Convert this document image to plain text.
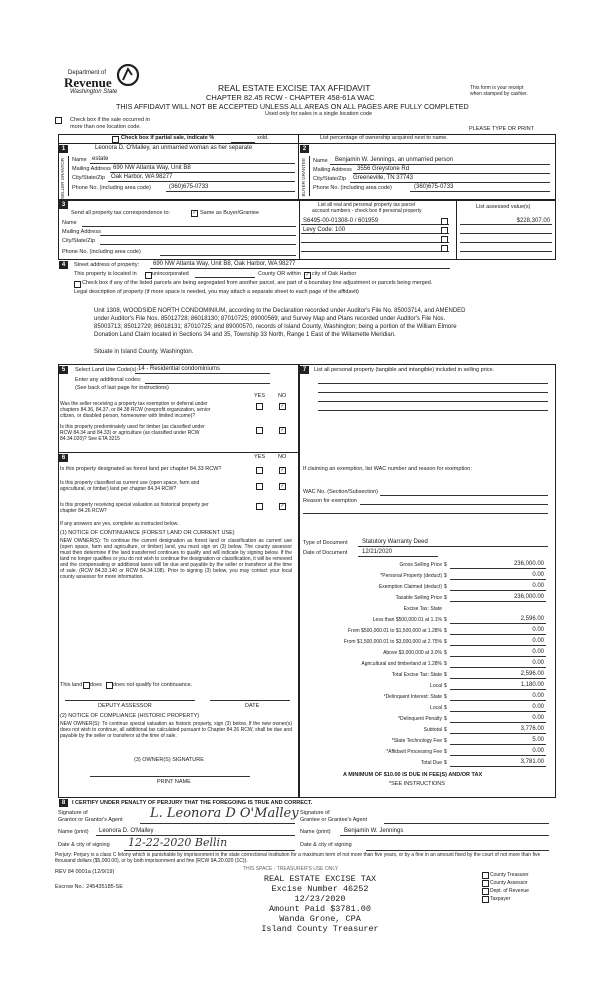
Department of
Revenue
Washington State	REAL ESTATE EXCISE TAX AFFIDAVIT
CHAPTER 82.45 RCW - CHAPTER 458-61A WAC
THIS AFFIDAVIT WILL NOT BE ACCEPTED UNLESS ALL AREAS ON ALL PAGES ARE FULLY COMPLETED
Used only for sales in a single location code
This form is your receipt
when stamped by cashier.
Check box if the sale occurred in
more than one location code.	PLEASE TYPE OR PRINT
Check box if partial sale, indicate %	sold.	List percentage of ownership acquired next to name.
1
SELLER GRANTOR
Leonora D. O'Malley, an unmarried woman as her separate
Name estate
Mailing Address 690 NW Atlanta Way, Unit B8
City/State/Zip Oak Harbor, WA 98277
Phone No. (including area code)	(360)675-0733
2
BUYER GRANTEE Name Benjamin W. Jennings, an unmarried person
Mailing Address 3556 Greystone Rd
City/State/Zip Greeneville, TN 37743
Phone No. (including area code)	(360)675-0733
3
Send all property tax correspondence to:	✓ Same as Buyer/Grantee
Name
Mailing Address
City/State/Zip
Phone No. (including area code)
List all real and personal property tax parcel
account numbers - check box if personal property
List assessed value(s)
S6495-00-01308-0 / 601959	$228,307.00
Levy Code: 100
4	Street address of property: 690 NW Atlanta Way, Unit B8, Oak Harbor, WA 98277
This property is located in	unincorporated	County OR within ✓ city of Oak Harbor
Check box if any of the listed parcels are being segregated from another parcel, are part of a boundary line adjustment or parcels being merged.
Legal description of property (if more space is needed, you may attach a separate sheet to each page of the affidavit)
Unit 1308, WOODSIDE NORTH CONDOMINIUM, according to the Declaration recorded under Auditor's File No. 85003714, and AMENDED
under Auditor's File Nos. 85012728; 86018130; 87010725; 89000569; and Survey Map and Plans recorded under Auditor's File Nos.
85003713; 85012729; 86018131; 87010725; and 89000570, records of Island County, Washington; being a portion of the William Elmore
Donation Land Claim located in Sections 34 and 35, Township 33 North, Range 1 East of the Willamette Meridian.
Situate in Island County, Washington.
5	Select Land Use Code(s): 14 - Residential condominiums
Enter any additional codes:
(See back of last page for instructions)
YES NO
Was the seller receiving a property tax exemption or deferral under
chapters 84.36, 84.37, or 84.38 RCW (nonprofit organization, senior
citizen, or disabled person, homeowner with limited income)?
✓
Is this property predominately used for timber (as classified under
RCW 84.34 and 84.33) or agriculture (as classified under RCW
84.34.020)? See ETA 3215
✓
6	YES NO
Is this property designated as forest land per chapter 84.33 RCW?	✓
Is this property classified as current use (open space, farm and
agricultural, or timber) land per chapter 84.34 RCW?	✓
Is this property receiving special valuation as historical property per
chapter 84.26 RCW?
✓
If any answers are yes, complete as instructed below.
(1) NOTICE OF CONTINUANCE (FOREST LAND OR CURRENT USE)
NEW OWNER(S): To continue the current designation as forest land or classification as current use (open space, farm and agriculture, or timber) land, you must sign on (3) below. The county assessor must then determine if the land transferred continues to qualify and will indicate by signing below. If the land no longer qualifies or you do not wish to continue the designation or classification, it will be removed and the compensating or additional taxes will be due and payable by the seller or transferor at the time of sale. (RCW 84.33.140 or RCW 84.34.108). Prior to signing (3) below, you may contact your local county assessor for more information.
This land does does not qualify for continuance.
DEPUTY ASSESSOR	DATE
(2) NOTICE OF COMPLIANCE (HISTORIC PROPERTY)
NEW OWNER(S): To continue special valuation as historic property, sign (3) below. If the new owner(s) does not wish to continue, all additional tax calculated pursuant to Chapter 84.26 RCW, shall be due and payable by the seller or transferor at the time of sale.
(3) OWNER(S) SIGNATURE
PRINT NAME
7	List all personal property (tangible and intangible) included in selling price.
If claiming an exemption, list WAC number and reason for exemption:
WAC No. (Section/Subsection)
Reason for exemption
Type of Document Statutory Warranty Deed
Date of Document 12/21/2020
Gross Selling Price $	236,000.00
*Personal Property (deduct) $	0.00
Exemption Claimed (deduct) $	0.00
Taxable Selling Price $	236,000.00
Excise Tax: State
Less than $500,000.01 at 1.1% $	2,596.00
From $500,000.01 to $1,500,000 at 1.28% $	0.00
From $1,500,000.01 to $3,000,000 at 2.75% $	0.00
Above $3,000,000 at 3.0% $	0.00
Agricultural and timberland at 1.28% $	0.00
Total Excise Tax: State $	2,596.00
Local $	1,180.00
*Delinquent Interest: State $	0.00
Local $	0.00
*Delinquent Penalty $	0.00
Subtotal $	3,776.00
*State Technology Fee $	5.00
*Affidavit Processing Fee $	0.00
Total Due $	3,781.00
A MINIMUM OF $10.00 IS DUE IN FEE(S) AND/OR TAX
*SEE INSTRUCTIONS
8	I CERTIFY UNDER PENALTY OF PERJURY THAT THE FOREGOING IS TRUE AND CORRECT.
Signature of
Grantor or Grantor's Agent L. Leonora D O'Malley Signature of
Grantee or Grantee's Agent
Name (print) Leonora D. O'Malley	Name (print) Benjamin W. Jennings
Date & city of signing 12-22-2020 Bellin	Date & city of signing
Perjury: Perjury is a class C felony which is punishable by imprisonment in the state correctional institution for a maximum term of not more than five years, or by a fine in an amount fixed by the court of not more than five thousand dollars ($5,000.00), or by both imprisonment and fine (RCW 9A.20.020 (1C)).
REV 84 0001a (12/9/19)
Escrow No.: 245435185-SE
THIS SPACE - TREASURER'S USE ONLY
REAL ESTATE EXCISE TAX
Excise Number 46252
12/23/2020
Amount Paid $3781.00
Wanda Grone, CPA
Island County Treasurer
County Treasurer
County Assessor
Dept. of Revenue
Taxpayer
